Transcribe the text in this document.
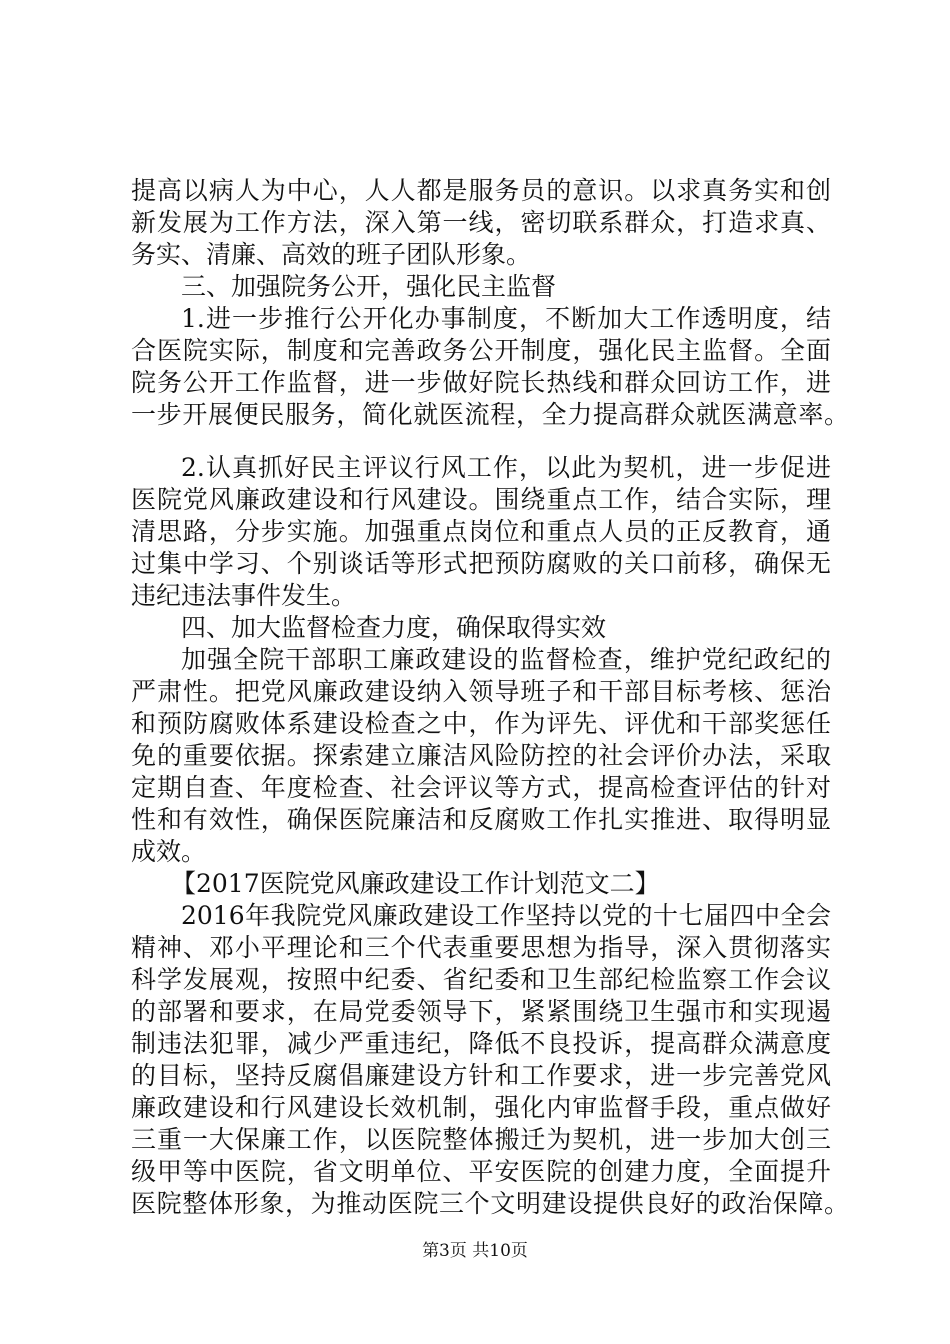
提高以病人为中心，人人都是服务员的意识。以求真务实和创
新发展为工作方法，深入第一线，密切联系群众，打造求真、
务实、清廉、高效的班子团队形象。
三、加强院务公开，强化民主监督
1.进一步推行公开化办事制度，不断加大工作透明度，结
合医院实际，制度和完善政务公开制度，强化民主监督。全面
院务公开工作监督，进一步做好院长热线和群众回访工作，进
一步开展便民服务，简化就医流程，全力提高群众就医满意率。
2.认真抓好民主评议行风工作，以此为契机，进一步促进
医院党风廉政建设和行风建设。围绕重点工作，结合实际，理
清思路，分步实施。加强重点岗位和重点人员的正反教育，通
过集中学习、个别谈话等形式把预防腐败的关口前移，确保无
违纪违法事件发生。
四、加大监督检查力度，确保取得实效
加强全院干部职工廉政建设的监督检查，维护党纪政纪的
严肃性。把党风廉政建设纳入领导班子和干部目标考核、惩治
和预防腐败体系建设检查之中，作为评先、评优和干部奖惩任
免的重要依据。探索建立廉洁风险防控的社会评价办法，采取
定期自查、年度检查、社会评议等方式，提高检查评估的针对
性和有效性，确保医院廉洁和反腐败工作扎实推进、取得明显
成效。
【2017医院党风廉政建设工作计划范文二】
2016年我院党风廉政建设工作坚持以党的十七届四中全会
精神、邓小平理论和三个代表重要思想为指导，深入贯彻落实
科学发展观，按照中纪委、省纪委和卫生部纪检监察工作会议
的部署和要求，在局党委领导下，紧紧围绕卫生强市和实现遏
制违法犯罪，减少严重违纪，降低不良投诉，提高群众满意度
的目标，坚持反腐倡廉建设方针和工作要求，进一步完善党风
廉政建设和行风建设长效机制，强化内审监督手段，重点做好
三重一大保廉工作，以医院整体搬迁为契机，进一步加大创三
级甲等中医院，省文明单位、平安医院的创建力度，全面提升
医院整体形象，为推动医院三个文明建设提供良好的政治保障。
第3页 共10页
